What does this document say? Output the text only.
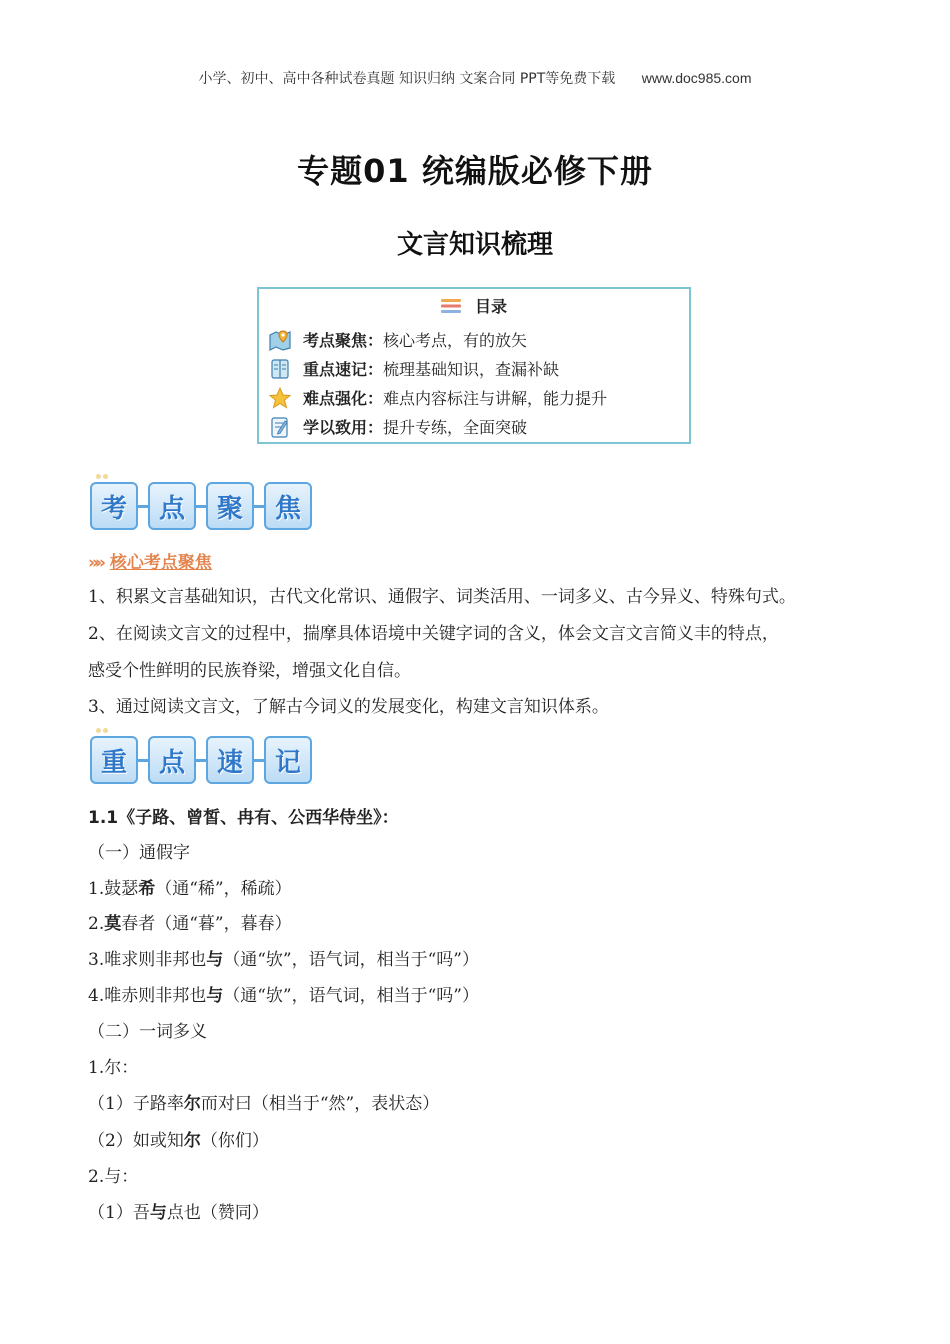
小学、初中、高中各种试卷真题 知识归纳 文案合同 PPT等免费下载 www.doc985.com
专题01 统编版必修下册
文言知识梳理
目录
考点聚焦： 核心考点，有的放矢
重点速记： 梳理基础知识，查漏补缺
难点强化： 难点内容标注与讲解，能力提升
学以致用： 提升专练，全面突破
考	点	聚	焦
»» 核心考点聚焦
1、积累文言基础知识，古代文化常识、通假字、词类活用、一词多义、古今异义、特殊句式。
2、在阅读文言文的过程中，揣摩具体语境中关键字词的含义，体会文言文言简义丰的特点，
感受个性鲜明的民族脊梁，增强文化自信。
3、通过阅读文言文，了解古今词义的发展变化，构建文言知识体系。
重	点	速	记
1.1《子路、曾皙、冉有、公西华侍坐》：
（一）通假字
1.鼓瑟希（通“稀”，稀疏）
2.莫春者（通“暮”，暮春）
3.唯求则非邦也与（通“欤”，语气词，相当于“吗”）
4.唯赤则非邦也与（通“欤”，语气词，相当于“吗”）
（二）一词多义
1.尔：
（1）子路率尔而对曰（相当于“然”，表状态）
（2）如或知尔（你们）
2.与：
（1）吾与点也（赞同）
